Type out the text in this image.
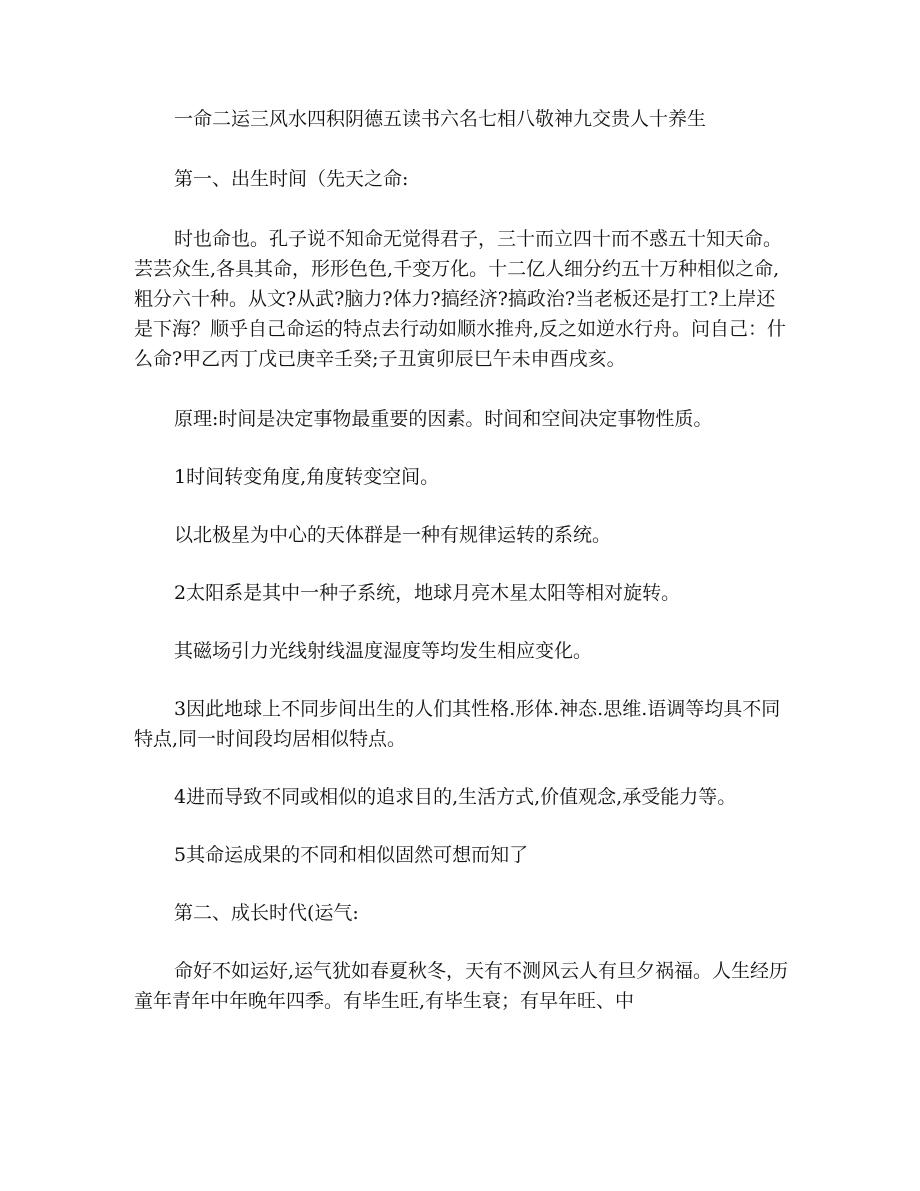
一命二运三风水四积阴德五读书六名七相八敬神九交贵人十养生

第一、出生时间（先天之命:

时也命也。孔子说不知命无觉得君子，三十而立四十而不惑五十知天命。芸芸众生,各具其命，形形色色,千变万化。十二亿人细分约五十万种相似之命,粗分六十种。从文?从武?脑力?体力?搞经济?搞政治?当老板还是打工?上岸还是下海？顺乎自己命运的特点去行动如顺水推舟,反之如逆水行舟。问自己：什么命?甲乙丙丁戊已庚辛壬癸;子丑寅卯辰巳午未申酉戌亥。

原理:时间是决定事物最重要的因素。时间和空间决定事物性质。

1时间转变角度,角度转变空间。

以北极星为中心的天体群是一种有规律运转的系统。

2太阳系是其中一种子系统，地球月亮木星太阳等相对旋转。

其磁场引力光线射线温度湿度等均发生相应变化。

3因此地球上不同步间出生的人们其性格.形体.神态.思维.语调等均具不同特点,同一时间段均居相似特点。

4进而导致不同或相似的追求目的,生活方式,价值观念,承受能力等。

5其命运成果的不同和相似固然可想而知了

第二、成长时代(运气:

命好不如运好,运气犹如春夏秋冬，天有不测风云人有旦夕祸福。人生经历童年青年中年晚年四季。有毕生旺,有毕生衰；有早年旺、中
